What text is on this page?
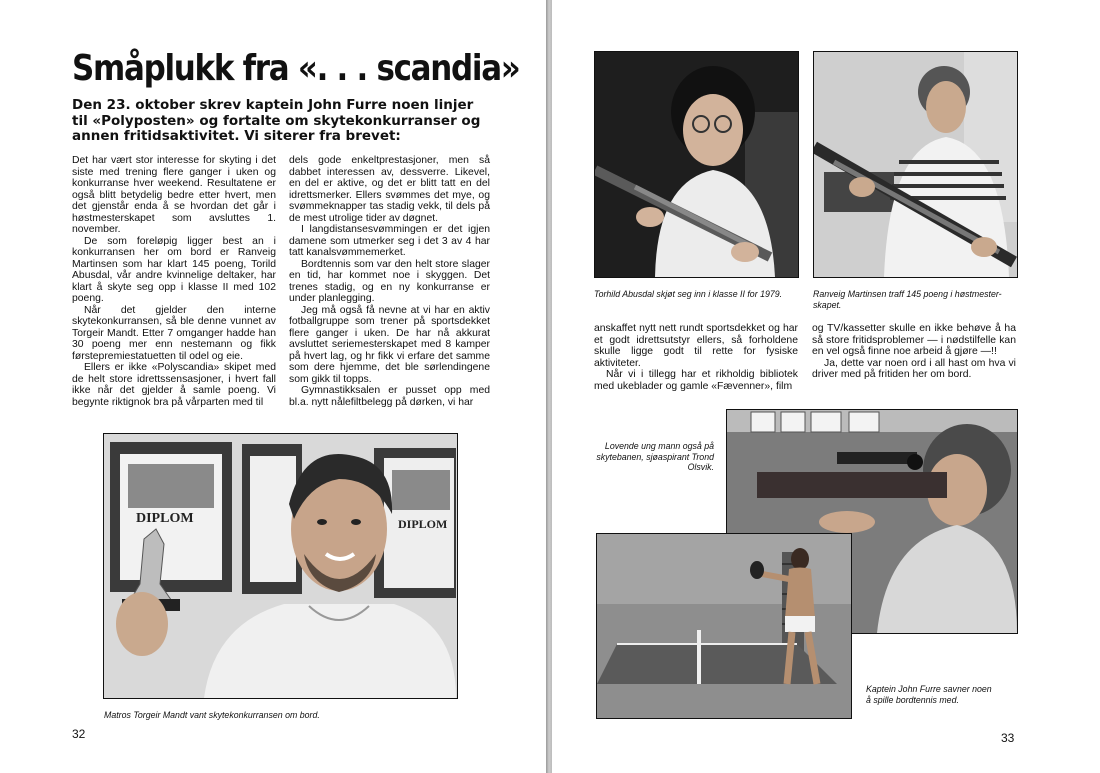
Småplukk fra «. . . scandia»
Den 23. oktober skrev kaptein John Furre noen linjer til «Polyposten» og fortalte om skytekonkurranser og annen fritidsaktivitet. Vi siterer fra brevet:

Det har vært stor interesse for skyting i det siste med trening flere ganger i uken og konkurranse hver weekend. Resultatene er også blitt betydelig bedre etter hvert, men det gjenstår enda å se hvordan det går i høstmesterskapet som avsluttes 1. november.

De som foreløpig ligger best an i konkurransen her om bord er Ranveig Martinsen som har klart 145 poeng, Torild Abusdal, vår andre kvinnelige deltaker, har klart å skyte seg opp i klasse II med 102 poeng.

Når det gjelder den interne skytekonkurransen, så ble denne vunnet av Torgeir Mandt. Etter 7 omganger hadde han 30 poeng mer enn nestemann og fikk førstepremiestatuetten til odel og eie.

Ellers er ikke «Polyscandia» skipet med de helt store idrettssensasjoner, i hvert fall ikke når det gjelder å samle poeng. Vi begynte riktignok bra på vårparten med til

dels gode enkeltprestasjoner, men så dabbet interessen av, dessverre. Likevel, en del er aktive, og det er blitt tatt en del idrettsmerker. Ellers svømmes det mye, og svømmeknapper tas stadig vekk, til dels på de mest utrolige tider av døgnet.

I langdistansesvømmingen er det igjen damene som utmerker seg i det 3 av 4 har tatt kanalsvømmemerket.

Bordtennis som var den helt store slager en tid, har kommet noe i skyggen. Det trenes stadig, og en ny konkurranse er under planlegging.

Jeg må også få nevne at vi har en aktiv fotballgruppe som trener på sportsdekket flere ganger i uken. De har nå akkurat avsluttet seriemesterskapet med 8 kamper på hvert lag, og hr fikk vi erfare det samme som dere hjemme, det ble sørlendingene som gikk til topps.

Gymnastikksalen er pusset opp med bl.a. nytt nålefiltbelegg på dørken, vi har

DIPLOM	DIPLOM
Matros Torgeir Mandt vant skytekonkurransen om bord.
32
Torhild Abusdal skjøt seg inn i klasse II for 1979.	Ranveig Martinsen traff 145 poeng i høstmester-skapet.

anskaffet nytt nett rundt sportsdekket og har et godt idrettsutstyr ellers, så forholdene skulle ligge godt til rette for fysiske aktiviteter.

Når vi i tillegg har et rikholdig bibliotek med ukeblader og gamle «Fævenner», film

og TV/kassetter skulle en ikke behøve å ha så store fritidsproblemer — i nødstilfelle kan en vel også finne noe arbeid å gjøre —!!

Ja, dette var noen ord i all hast om hva vi driver med på fritiden her om bord.

Lovende ung mann også på skytebanen, sjøaspirant Trond Olsvik.
Kaptein John Furre savner noen å spille bordtennis med.
33
